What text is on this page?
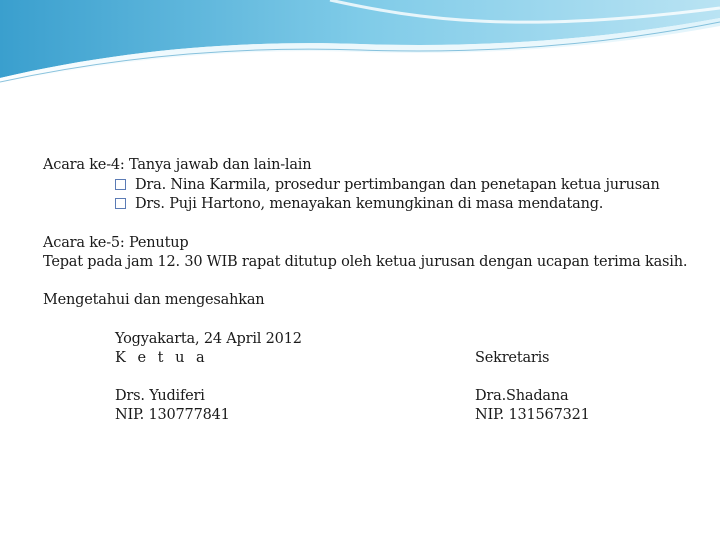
Acara ke-4: Tanya jawab dan lain-lain
Dra. Nina Karmila, prosedur pertimbangan dan penetapan ketua jurusan
Drs. Puji Hartono, menayakan kemungkinan di masa mendatang.
Acara ke-5: Penutup
Tepat pada jam 12. 30 WIB rapat ditutup oleh ketua jurusan dengan ucapan terima kasih.
Mengetahui dan mengesahkan
Yogyakarta, 24 April 2012
K e t u a	Sekretaris
Drs. Yudiferi
NIP. 130777841
Dra.Shadana
NIP. 131567321
